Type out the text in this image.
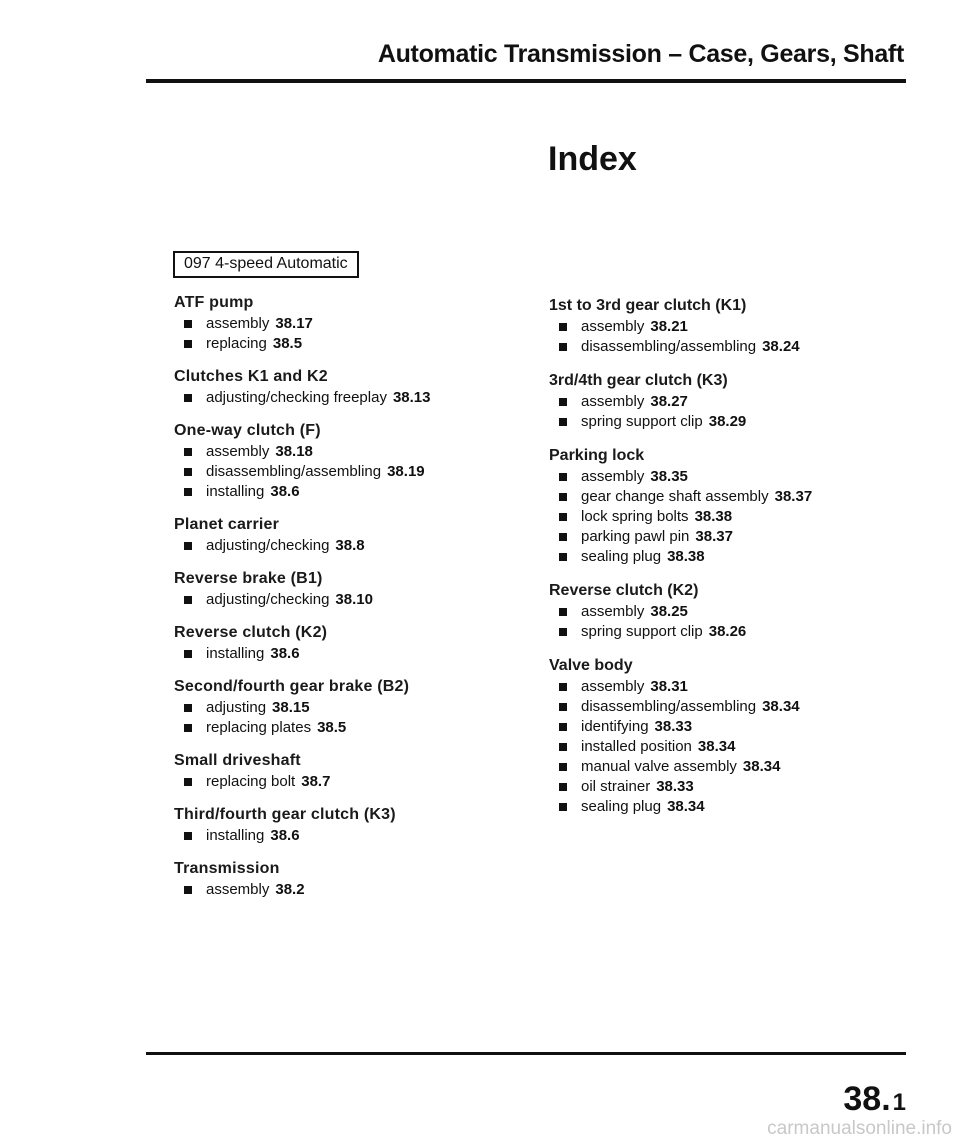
Automatic Transmission – Case, Gears, Shaft
Index
097 4-speed Automatic
ATF pump
assembly 38.17
replacing 38.5
Clutches K1 and K2
adjusting/checking freeplay 38.13
One-way clutch (F)
assembly 38.18
disassembling/assembling 38.19
installing 38.6
Planet carrier
adjusting/checking 38.8
Reverse brake (B1)
adjusting/checking 38.10
Reverse clutch (K2)
installing 38.6
Second/fourth gear brake (B2)
adjusting 38.15
replacing plates 38.5
Small driveshaft
replacing bolt 38.7
Third/fourth gear clutch (K3)
installing 38.6
Transmission
assembly 38.2
1st to 3rd gear clutch (K1)
assembly 38.21
disassembling/assembling 38.24
3rd/4th gear clutch (K3)
assembly 38.27
spring support clip 38.29
Parking lock
assembly 38.35
gear change shaft assembly 38.37
lock spring bolts 38.38
parking pawl pin 38.37
sealing plug 38.38
Reverse clutch (K2)
assembly 38.25
spring support clip 38.26
Valve body
assembly 38.31
disassembling/assembling 38.34
identifying 38.33
installed position 38.34
manual valve assembly 38.34
oil strainer 38.33
sealing plug 38.34
38.1
carmanualsonline.info
